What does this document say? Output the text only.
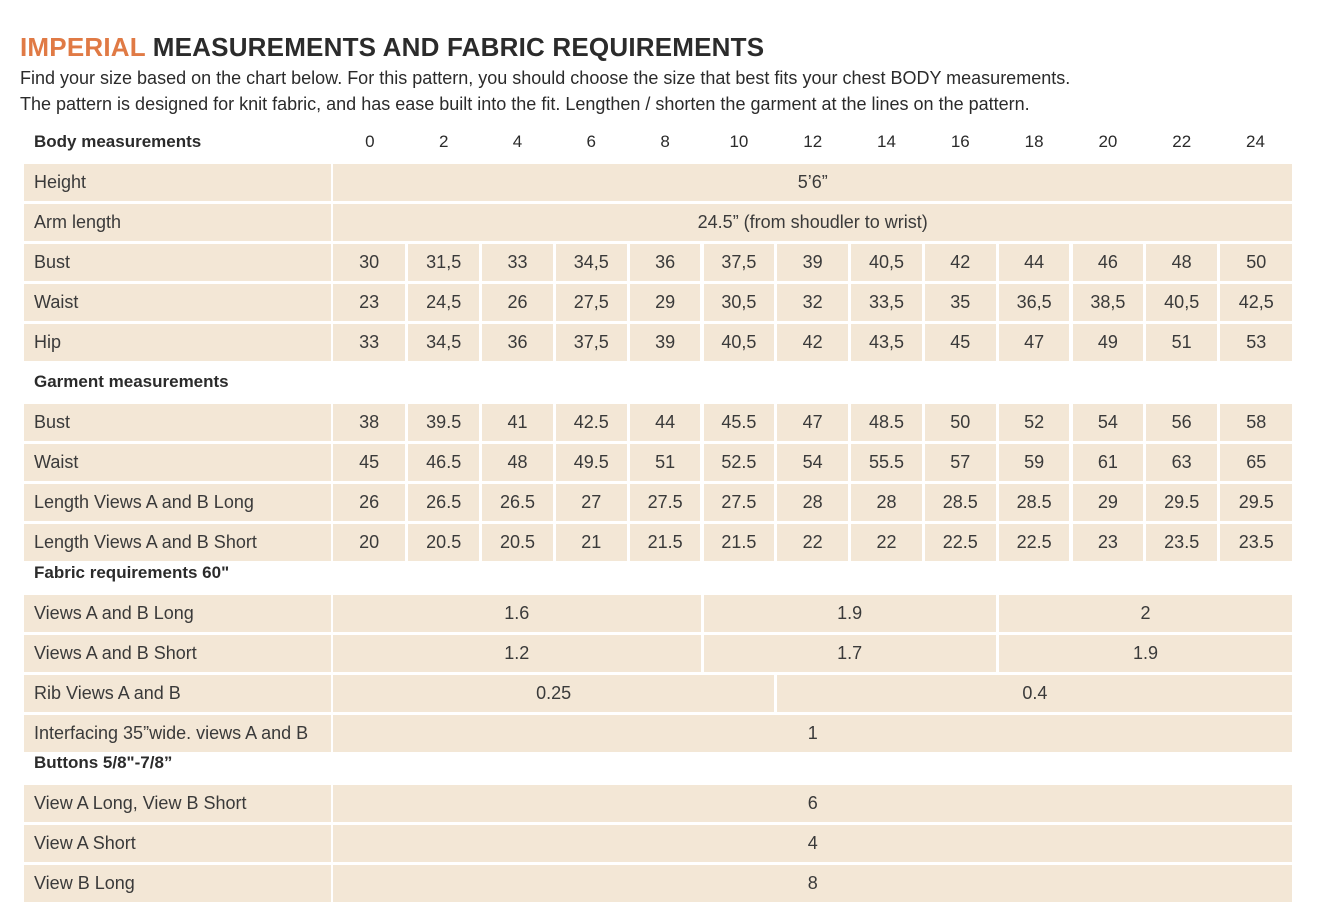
IMPERIAL MEASUREMENTS AND FABRIC REQUIREMENTS
Find your size based on the chart below. For this pattern, you should choose the size that best fits your chest BODY measurements.
The pattern is designed for knit fabric, and has ease built into the fit. Lengthen / shorten the garment at the lines on the pattern.
Body measurements	0	2	4	6	8	10	12	14	16	18	20	22	24
Height	5’6”
Arm length	24.5” (from shoudler to wrist)
Bust	30	31,5	33	34,5	36	37,5	39	40,5	42	44	46	48	50
Waist	23	24,5	26	27,5	29	30,5	32	33,5	35	36,5	38,5	40,5	42,5
Hip	33	34,5	36	37,5	39	40,5	42	43,5	45	47	49	51	53
Garment measurements
Bust	38	39.5	41	42.5	44	45.5	47	48.5	50	52	54	56	58
Waist	45	46.5	48	49.5	51	52.5	54	55.5	57	59	61	63	65
Length Views A and B Long	26	26.5	26.5	27	27.5	27.5	28	28	28.5	28.5	29	29.5	29.5
Length Views A and B Short	20	20.5	20.5	21	21.5	21.5	22	22	22.5	22.5	23	23.5	23.5
Fabric requirements 60"
Views A and B Long	1.6	1.9	2
Views A and B Short	1.2	1.7	1.9
Rib Views A and B	0.25	0.4
Interfacing 35”wide. views A and B	1
Buttons 5/8"-7/8”
View A Long, View B Short	6
View A Short	4
View B Long	8
